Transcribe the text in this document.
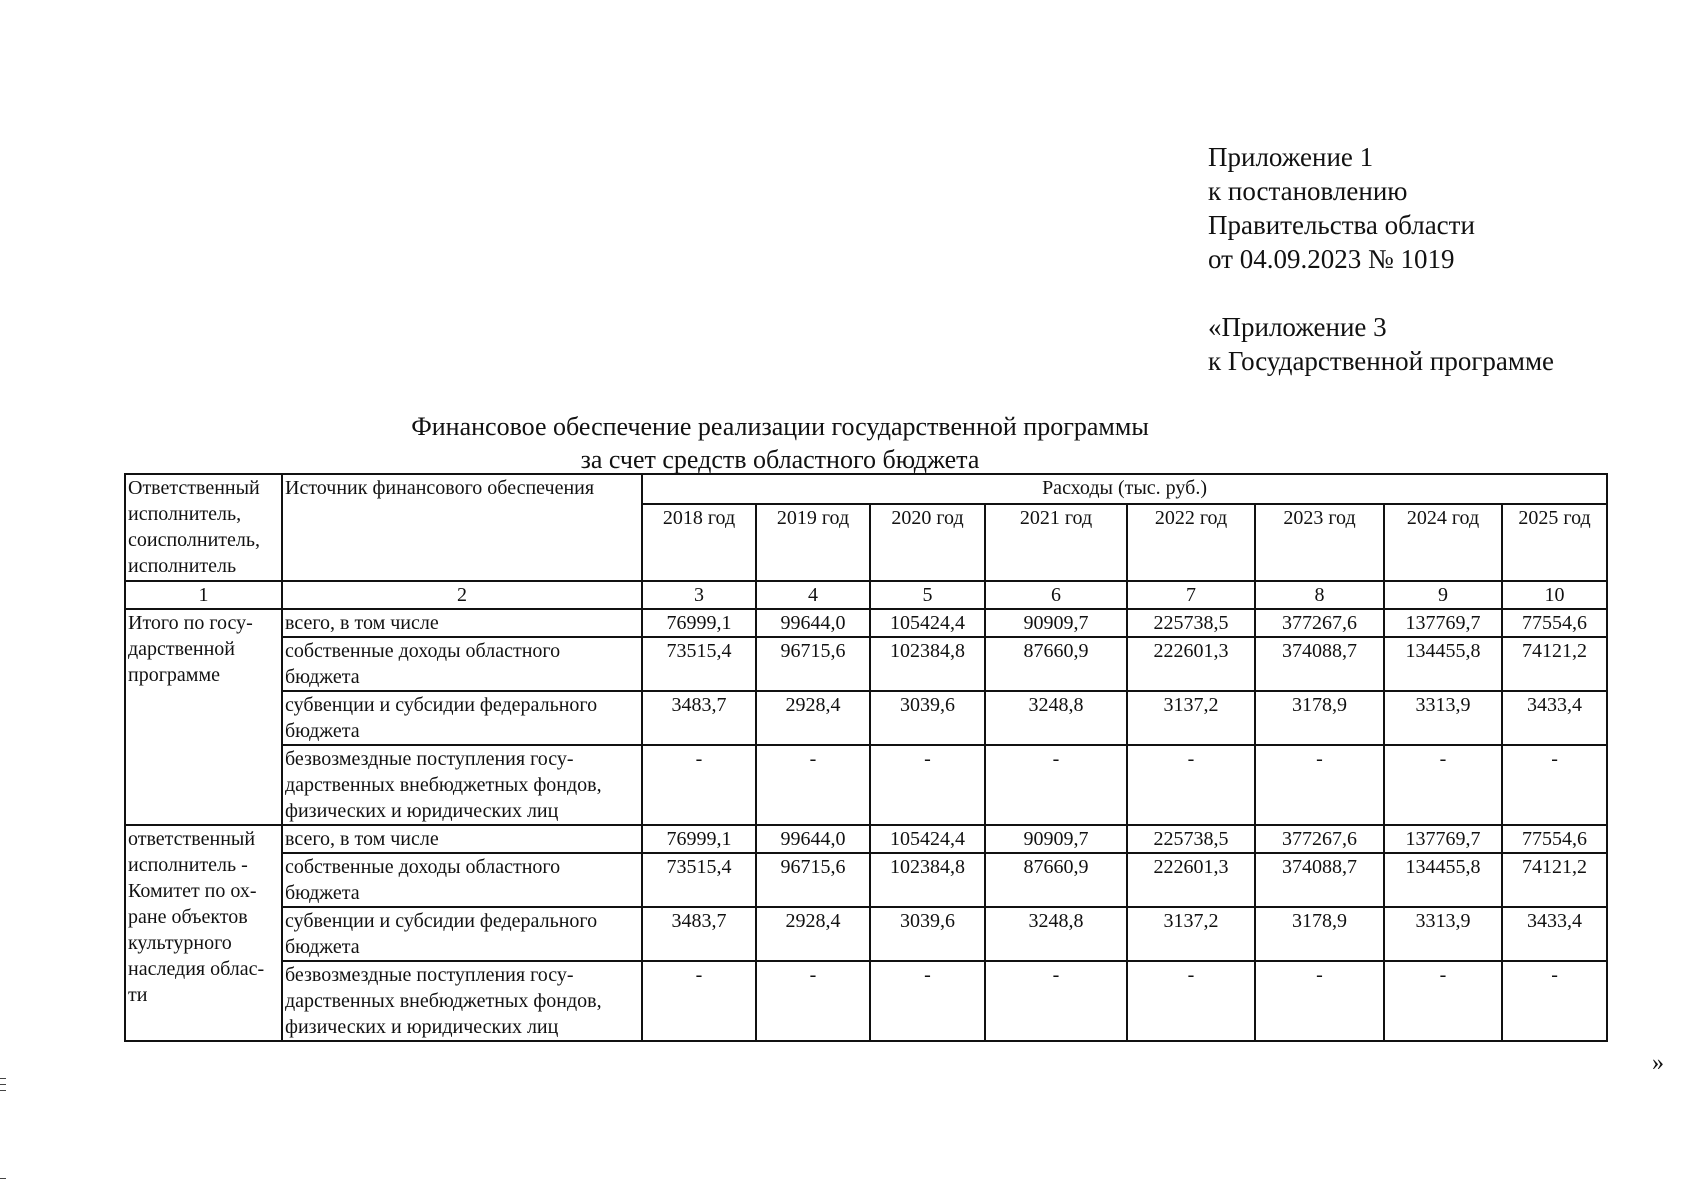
Приложение 1
к постановлению
Правительства области
от 04.09.2023 № 1019
«Приложение 3
к Государственной программе
Финансовое обеспечение реализации государственной программы
за счет средств областного бюджета
Ответственный исполнитель, соисполнитель, исполнитель	Источник финансового обеспечения	Расходы (тыс. руб.)							
		2018 год	2019 год	2020 год	2021 год	2022 год	2023 год	2024 год	2025 год
1	2	3	4	5	6	7	8	9	10
Итого по госу-дарственной программе	всего, в том числе	76999,1	99644,0	105424,4	90909,7	225738,5	377267,6	137769,7	77554,6
	собственные доходы областного бюджета	73515,4	96715,6	102384,8	87660,9	222601,3	374088,7	134455,8	74121,2
	субвенции и субсидии федерального бюджета	3483,7	2928,4	3039,6	3248,8	3137,2	3178,9	3313,9	3433,4
	безвозмездные поступления госу-дарственных внебюджетных фондов, физических и юридических лиц	-	-	-	-	-	-	-	-
ответственный исполнитель - Комитет по ох-ране объектов культурного наследия облас-ти	всего, в том числе	76999,1	99644,0	105424,4	90909,7	225738,5	377267,6	137769,7	77554,6
	собственные доходы областного бюджета	73515,4	96715,6	102384,8	87660,9	222601,3	374088,7	134455,8	74121,2
	субвенции и субсидии федерального бюджета	3483,7	2928,4	3039,6	3248,8	3137,2	3178,9	3313,9	3433,4
	безвозмездные поступления госу-дарственных внебюджетных фондов, физических и юридических лиц	-	-	-	-	-	-	-	-
»
